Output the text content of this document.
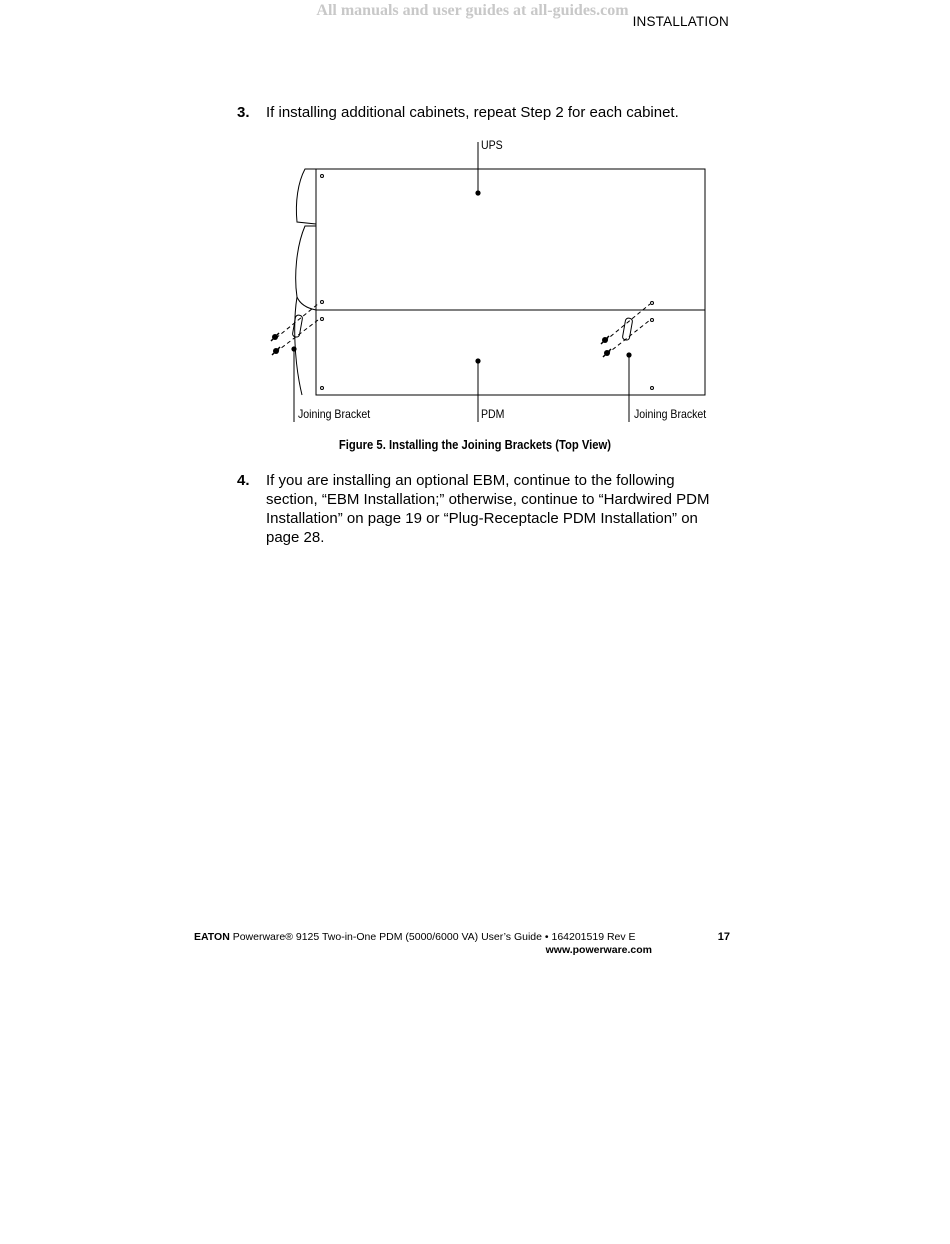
All manuals and user guides at all-guides.com
INSTALLATION
3. If installing additional cabinets, repeat Step 2 for each cabinet.
UPS
PDM
Joining Bracket	Joining Bracket
Figure 5. Installing the Joining Brackets (Top View)
4. If you are installing an optional EBM, continue to the following section, “EBM Installation;” otherwise, continue to “Hardwired PDM Installation” on page 19 or “Plug-Receptacle PDM Installation” on page 28.
EATON Powerware® 9125 Two-in-One PDM (5000/6000 VA) User’s Guide • 164201519 Rev E	17
www.powerware.com
